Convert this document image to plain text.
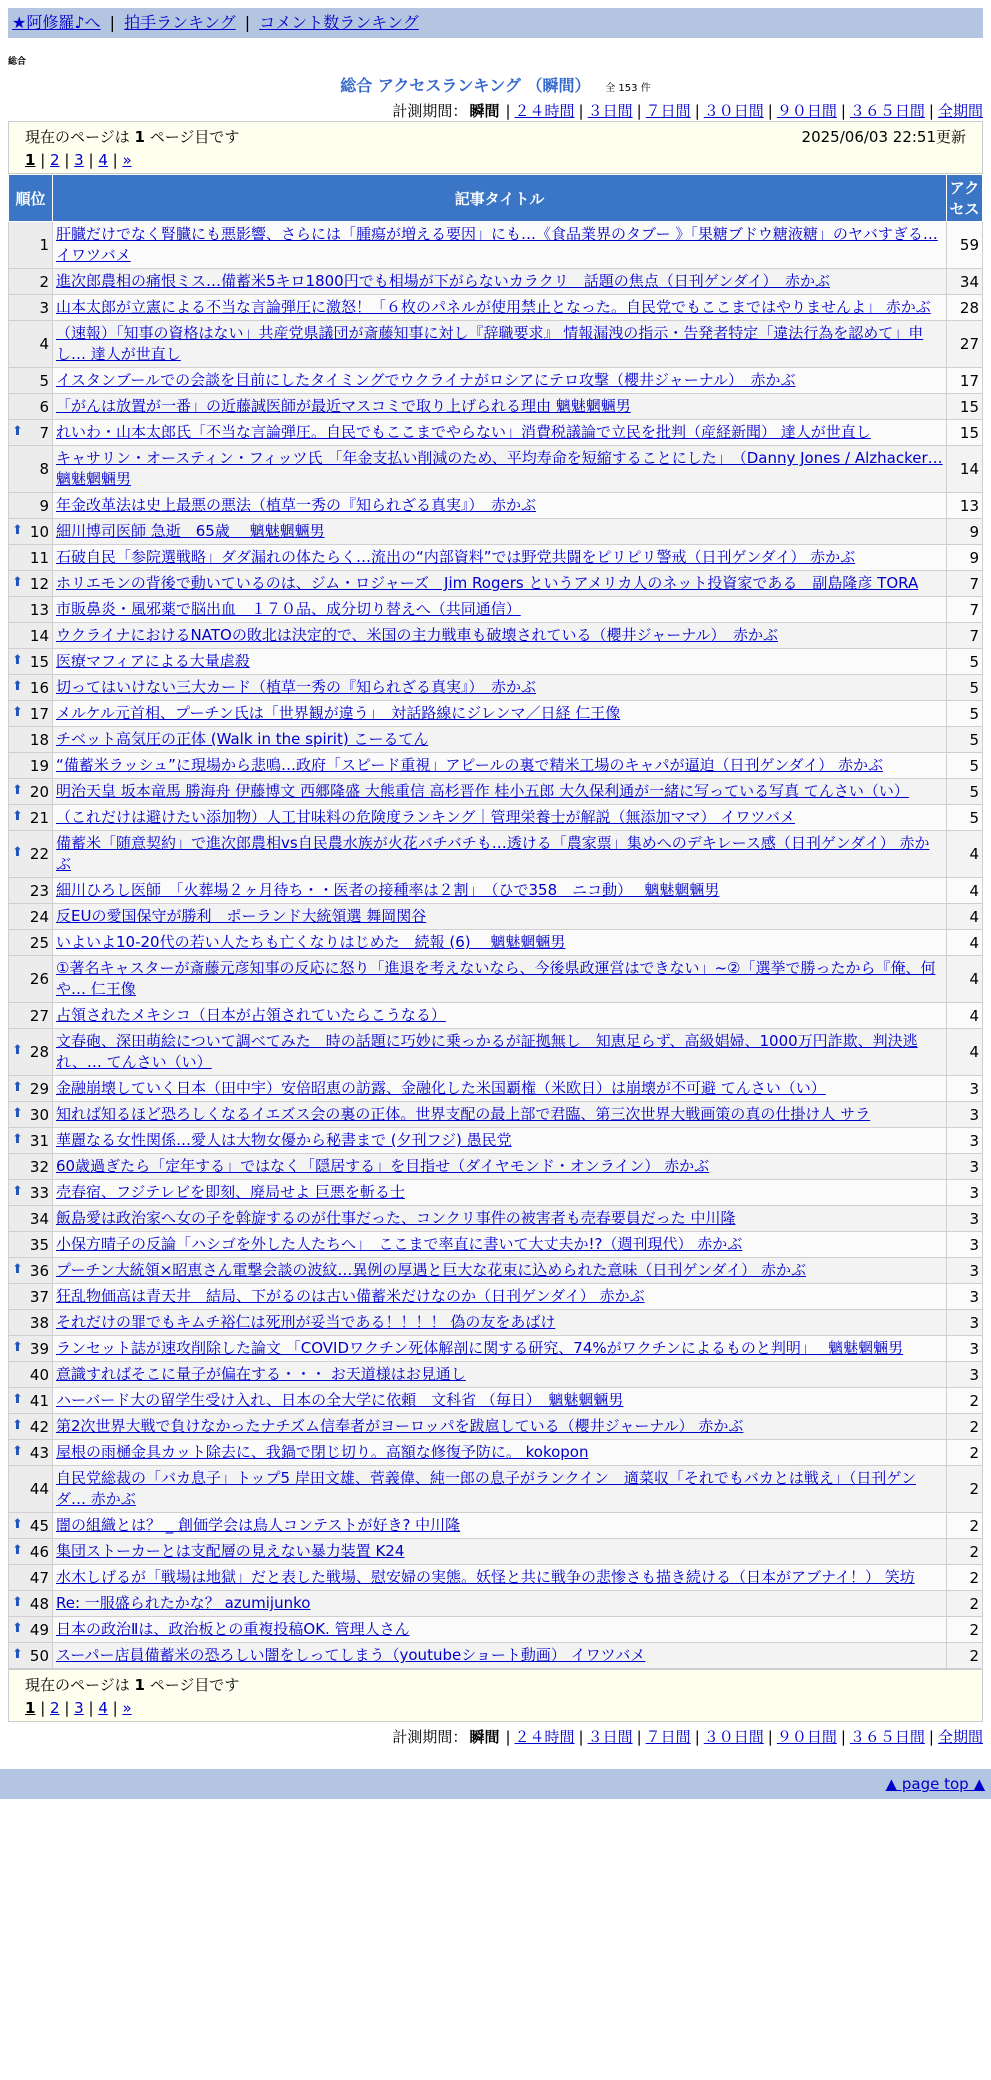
★阿修羅♪へ | 拍手ランキング | コメント数ランキング
総合
総合 アクセスランキング （瞬間） 全 153 件
計測期間： 瞬間 | ２４時間 | ３日間 | ７日間 | ３０日間 | ９０日間 | ３６５日間 | 全期間
現在のページは 1 ページ目です	2025/06/03 22:51更新
1 | 2 | 3 | 4 | »
順位	記事タイトル	アクセス
1	肝臓だけでなく腎臓にも悪影響、さらには「腫瘍が増える要因」にも…《食品業界のタブー 》「果糖ブドウ糖液糖」のヤバすぎる… イワツバメ	59
2	進次郎農相の痛恨ミス…備蓄米5キロ1800円でも相場が下がらないカラクリ　話題の焦点（日刊ゲンダイ）　赤かぶ	34
3	山本太郎が立憲による不当な言論弾圧に激怒！「６枚のパネルが使用禁止となった。自民党でもここまではやりませんよ」 赤かぶ	28
4	（速報）「知事の資格はない」共産党県議団が斎藤知事に対し『辞職要求』 情報漏洩の指示・告発者特定「違法行為を認めて」申し… 達人が世直し	27
5	イスタンブールでの会談を目前にしたタイミングでウクライナがロシアにテロ攻撃（櫻井ジャーナル）　赤かぶ	17
6	「がんは放置が一番」の近藤誠医師が最近マスコミで取り上げられる理由 魑魅魍魎男	15

⬆ 7	れいわ・山本太郎氏「不当な言論弾圧。自民でもここまでやらない」消費税議論で立民を批判（産経新聞） 達人が世直し	15
8	キャサリン・オースティン・フィッツ氏 「年金支払い削減のため、平均寿命を短縮することにした」　（Danny Jones / Alzhacker… 魑魅魍魎男	14
9	年金改革法は史上最悪の悪法（植草一秀の『知られざる真実』）　赤かぶ	13

⬆ 10	細川博司医師 急逝　65歳　 魑魅魍魎男	9
11	石破自民「参院選戦略」ダダ漏れの体たらく…流出の“内部資料”では野党共闘をピリピリ警戒（日刊ゲンダイ） 赤かぶ	9

⬆ 12	ホリエモンの背後で動いているのは、ジム・ロジャーズ　Jim Rogers というアメリカ人のネット投資家である　副島隆彦 TORA	7
13	市販鼻炎・風邪薬で脳出血　１７０品、成分切り替えへ（共同通信）	7
14	ウクライナにおけるNATOの敗北は決定的で、米国の主力戦車も破壊されている（櫻井ジャーナル）　赤かぶ	7

⬆ 15	医療マフィアによる大量虐殺	5

⬆ 16	切ってはいけない三大カード（植草一秀の『知られざる真実』）　赤かぶ	5

⬆ 17	メルケル元首相、プーチン氏は「世界観が違う」　対話路線にジレンマ／日経 仁王像	5
18	チベット高気圧の正体 (Walk in the spirit) こーるてん	5
19	“備蓄米ラッシュ”に現場から悲鳴…政府「スピード重視」アピールの裏で精米工場のキャパが逼迫（日刊ゲンダイ） 赤かぶ	5

⬆ 20	明治天皇 坂本竜馬 勝海舟 伊藤博文 西郷隆盛 大熊重信 高杉晋作 桂小五郎 大久保利通が一緒に写っている写真 てんさい（い）	5

⬆ 21	（これだけは避けたい添加物）人工甘味料の危険度ランキング｜管理栄養士が解説（無添加ママ） イワツバメ	5

⬆ 22	備蓄米「随意契約」で進次郎農相vs自民農水族が火花バチバチも…透ける「農家票」集めへのデキレース感（日刊ゲンダイ） 赤かぶ	4
23	細川ひろし医師　「火葬場２ヶ月待ち・・医者の接種率は２割」　（ひで358　ニコ動）　 魑魅魍魎男	4
24	反EUの愛国保守が勝利　ポーランド大統領選 舞岡関谷	4
25	いよいよ10-20代の若い人たちも亡くなりはじめた　続報 (6)　 魑魅魍魎男	4
26	①著名キャスターが斎藤元彦知事の反応に怒り「進退を考えないなら、今後県政運営はできない」~②「選挙で勝ったから『俺、何や… 仁王像	4
27	占領されたメキシコ（日本が占領されていたらこうなる）	4

⬆ 28	文春砲、深田萌絵について調べてみた　時の話題に巧妙に乗っかるが証拠無し　知恵足らず、高級娼婦、1000万円詐欺、判決逃れ、… てんさい（い）	4

⬆ 29	金融崩壊していく日本（田中宇）安倍昭恵の訪露、金融化した米国覇権（米欧日）は崩壊が不可避 てんさい（い）	3

⬆ 30	知れば知るほど恐ろしくなるイエズス会の裏の正体。世界支配の最上部で君臨、第三次世界大戦画策の真の仕掛け人 サラ	3

⬆ 31	華麗なる女性関係…愛人は大物女優から秘書まで (夕刊フジ) 愚民党	3
32	60歳過ぎたら「定年する」ではなく「隠居する」を目指せ（ダイヤモンド・オンライン） 赤かぶ	3

⬆ 33	売春宿、フジテレビを即刻、廃局せよ 巨悪を斬る士	3
34	飯島愛は政治家へ女の子を斡旋するのが仕事だった、コンクリ事件の被害者も売春要員だった 中川隆	3
35	小保方晴子の反論「ハシゴを外した人たちへ」　ここまで率直に書いて大丈夫か!?（週刊現代） 赤かぶ	3

⬆ 36	プーチン大統領×昭恵さん電撃会談の波紋…異例の厚遇と巨大な花束に込められた意味（日刊ゲンダイ） 赤かぶ	3
37	狂乱物価高は青天井　結局、下がるのは古い備蓄米だけなのか（日刊ゲンダイ） 赤かぶ	3
38	それだけの罪でもキムチ裕仁は死刑が妥当である！！！！ 偽の友をあばけ	3

⬆ 39	ランセット誌が速攻削除した論文 「COVIDワクチン死体解剖に関する研究、74%がワクチンによるものと判明」　 魑魅魍魎男	3
40	意識すればそこに量子が偏在する・・・ お天道様はお見通し	3

⬆ 41	ハーバード大の留学生受け入れ、日本の全大学に依頼　文科省 （毎日）　魑魅魍魎男	2

⬆ 42	第2次世界大戦で負けなかったナチズム信奉者がヨーロッパを跋扈している（櫻井ジャーナル） 赤かぶ	2

⬆ 43	屋根の雨樋金具カット除去に、我鍋で閉じ切り。高額な修復予防に。 kokopon	2
44	自民党総裁の「バカ息子」トップ5 岸田文雄、菅義偉、純一郎の息子がランクイン　適菜収「それでもバカとは戦え」（日刊ゲンダ… 赤かぶ	2

⬆ 45	闇の組織とは？ _ 創価学会は鳥人コンテストが好き? 中川隆	2

⬆ 46	集団ストーカーとは支配層の見えない暴力装置 K24	2
47	水木しげるが「戦場は地獄」だと表した戦場、慰安婦の実態。妖怪と共に戦争の悲惨さも描き続ける（日本がアブナイ！） 笑坊	2

⬆ 48	Re: 一服盛られたかな？ azumijunko	2

⬆ 49	日本の政治Ⅱは、政治板との重複投稿OK. 管理人さん	2

⬆ 50	スーパー店員備蓄米の恐ろしい闇をしってしまう（youtubeショート動画） イワツバメ	2
現在のページは 1 ページ目です
1 | 2 | 3 | 4 | »
計測期間： 瞬間 | ２４時間 | ３日間 | ７日間 | ３０日間 | ９０日間 | ３６５日間 | 全期間
▲ page top ▲
